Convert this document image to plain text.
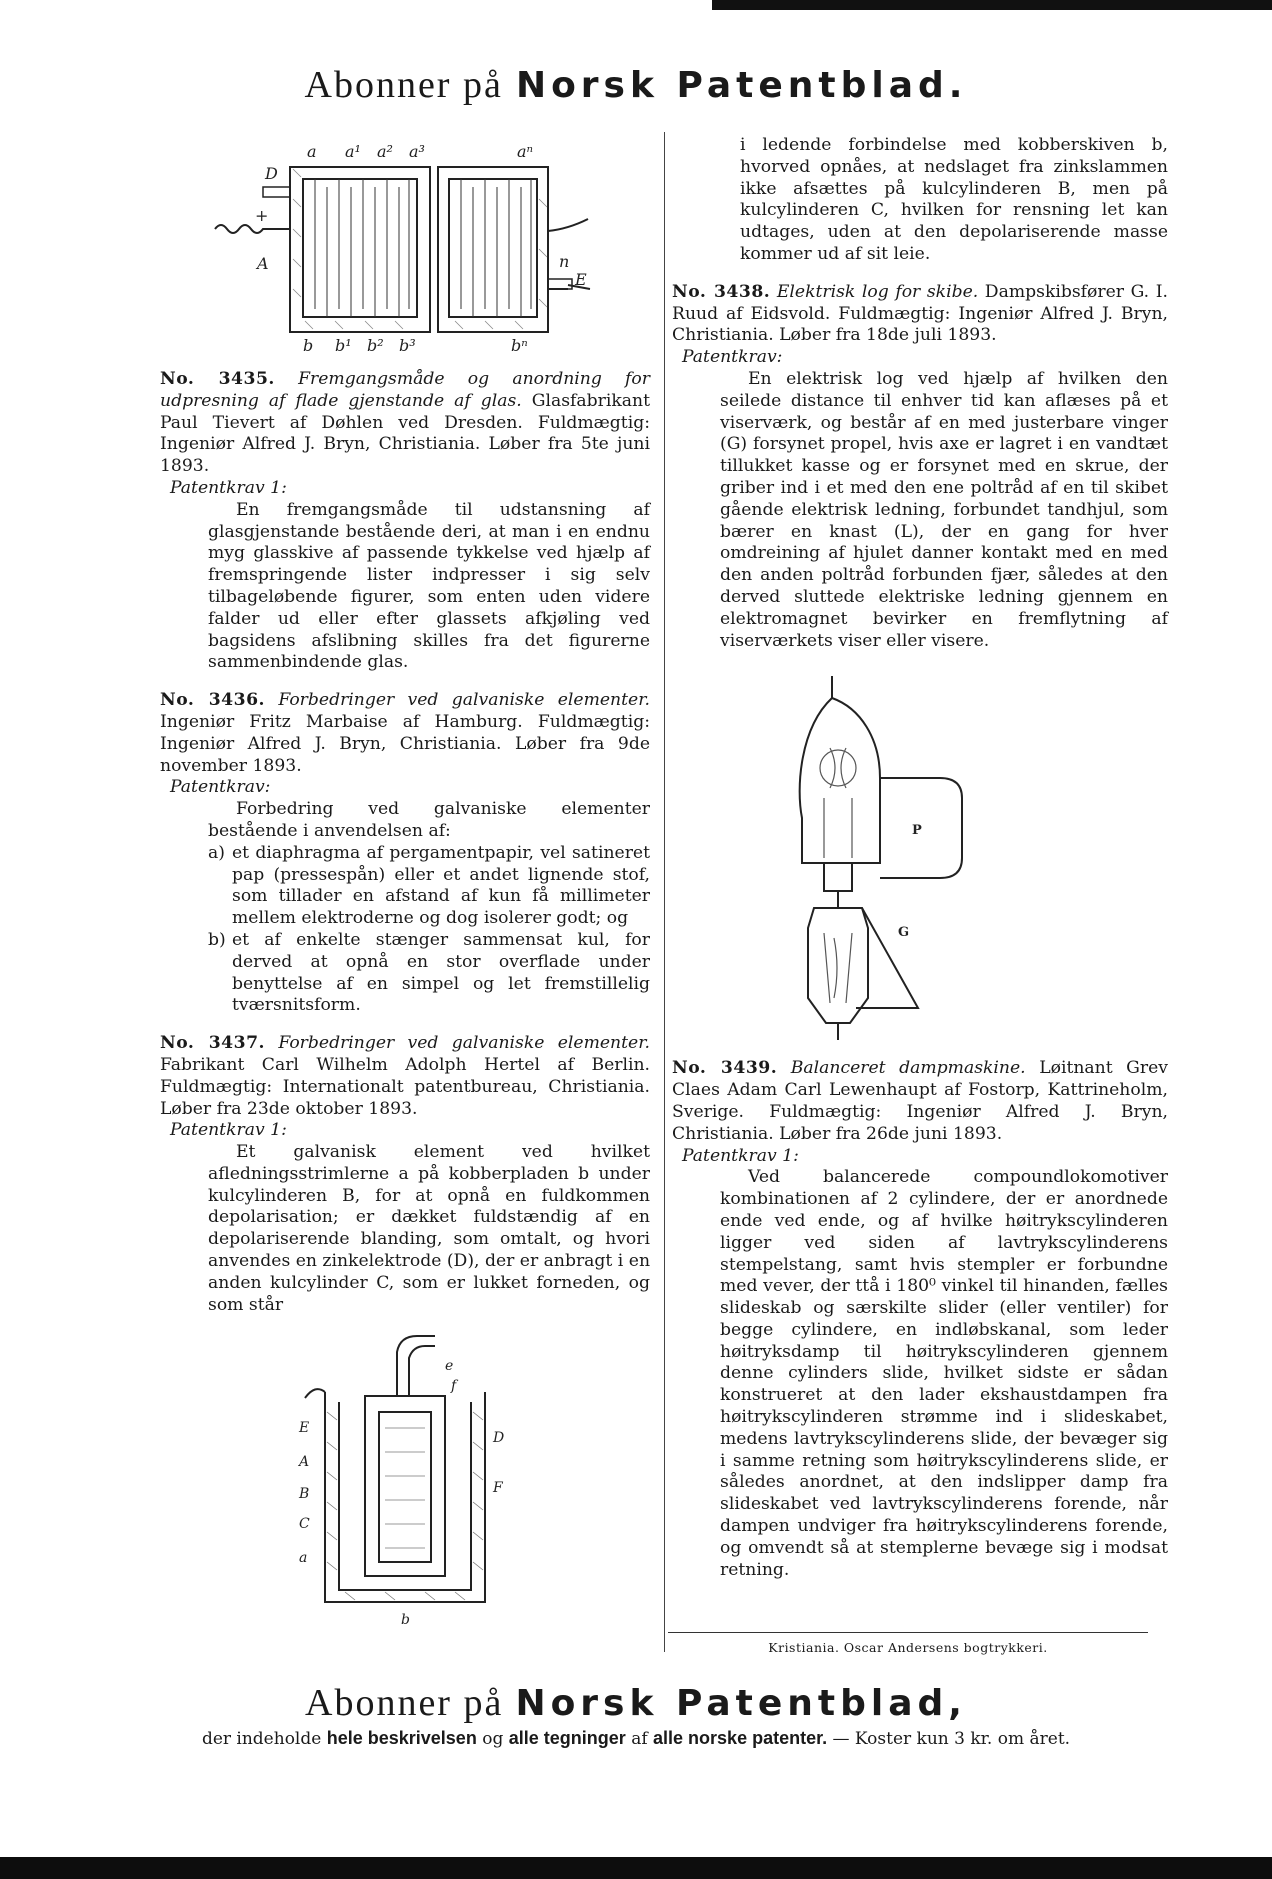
Abonner på Norsk Patentblad.
a a¹ a² a³	aⁿ
D
A
+
n
E
b b¹ b² b³	bⁿ
No. 3435. Fremgangsmåde og anordning for udpresning af flade gjenstande af glas. Glasfabrikant Paul Tievert af Døhlen ved Dresden. Fuldmægtig: Ingeniør Alfred J. Bryn, Christiania. Løber fra 5te juni 1893.
Patentkrav 1:
En fremgangsmåde til udstansning af glasgjenstande bestående deri, at man i en endnu myg glasskive af passende tykkelse ved hjælp af fremspringende lister indpresser i sig selv tilbageløbende figurer, som enten uden videre falder ud eller efter glassets afkjøling ved bagsidens afslibning skilles fra det figurerne sammenbindende glas.
No. 3436. Forbedringer ved galvaniske elementer. Ingeniør Fritz Marbaise af Hamburg. Fuldmægtig: Ingeniør Alfred J. Bryn, Christiania. Løber fra 9de november 1893.
Patentkrav:
Forbedring ved galvaniske elementer bestående i anvendelsen af:
a) et diaphragma af pergamentpapir, vel satineret pap (pressespån) eller et andet lignende stof, som tillader en afstand af kun få millimeter mellem elektroderne og dog isolerer godt; og
b) et af enkelte stænger sammensat kul, for derved at opnå en stor overflade under benyttelse af en simpel og let fremstillelig tværsnitsform.
No. 3437. Forbedringer ved galvaniske elementer. Fabrikant Carl Wilhelm Adolph Hertel af Berlin. Fuldmægtig: Internationalt patentbureau, Christiania. Løber fra 23de oktober 1893.
Patentkrav 1:
Et galvanisk element ved hvilket afledningsstrimlerne a på kobberpladen b under kulcylinderen B, for at opnå en fuldkommen depolarisation; er dækket fuldstændig af en depolariserende blanding, som omtalt, og hvori anvendes en zinkelektrode (D), der er anbragt i en anden kulcylinder C, som er lukket forneden, og som står
E
A
B
C
a
e
f
D
F
b
i ledende forbindelse med kobberskiven b, hvorved opnåes, at nedslaget fra zinkslammen ikke afsættes på kulcylinderen B, men på kulcylinderen C, hvilken for rensning let kan udtages, uden at den depolariserende masse kommer ud af sit leie.
No. 3438. Elektrisk log for skibe. Dampskibsfører G. I. Ruud af Eidsvold. Fuldmægtig: Ingeniør Alfred J. Bryn, Christiania. Løber fra 18de juli 1893.
Patentkrav:
En elektrisk log ved hjælp af hvilken den seilede distance til enhver tid kan aflæses på et viserværk, og består af en med justerbare vinger (G) forsynet propel, hvis axe er lagret i en vandtæt tillukket kasse og er forsynet med en skrue, der griber ind i et med den ene poltråd af en til skibet gående elektrisk ledning, forbundet tandhjul, som bærer en knast (L), der en gang for hver omdreining af hjulet danner kontakt med en med den anden poltråd forbunden fjær, således at den derved sluttede elektriske ledning gjennem en elektromagnet bevirker en fremflytning af viserværkets viser eller visere.
P
G
No. 3439. Balanceret dampmaskine. Løitnant Grev Claes Adam Carl Lewenhaupt af Fostorp, Kattrineholm, Sverige. Fuldmægtig: Ingeniør Alfred J. Bryn, Christiania. Løber fra 26de juni 1893.
Patentkrav 1:
Ved balancerede compoundlokomotiver kombinationen af 2 cylindere, der er anordnede ende ved ende, og af hvilke høitrykscylinderen ligger ved siden af lavtrykscylinderens stempelstang, samt hvis stempler er forbundne med vever, der ttå i 180⁰ vinkel til hinanden, fælles slideskab og særskilte slider (eller ventiler) for begge cylindere, en indløbskanal, som leder høitryksdamp til høitrykscylinderen gjennem denne cylinders slide, hvilket sidste er sådan konstrueret at den lader ekshaustdampen fra høitrykscylinderen strømme ind i slideskabet, medens lavtrykscylinderens slide, der bevæger sig i samme retning som høitrykscylinderens slide, er således anordnet, at den indslipper damp fra slideskabet ved lavtrykscylinderens forende, når dampen undviger fra høitrykscylinderens forende, og omvendt så at stemplerne bevæge sig i modsat retning.
Kristiania. Oscar Andersens bogtrykkeri.
Abonner på Norsk Patentblad,
der indeholde hele beskrivelsen og alle tegninger af alle norske patenter. — Koster kun 3 kr. om året.
